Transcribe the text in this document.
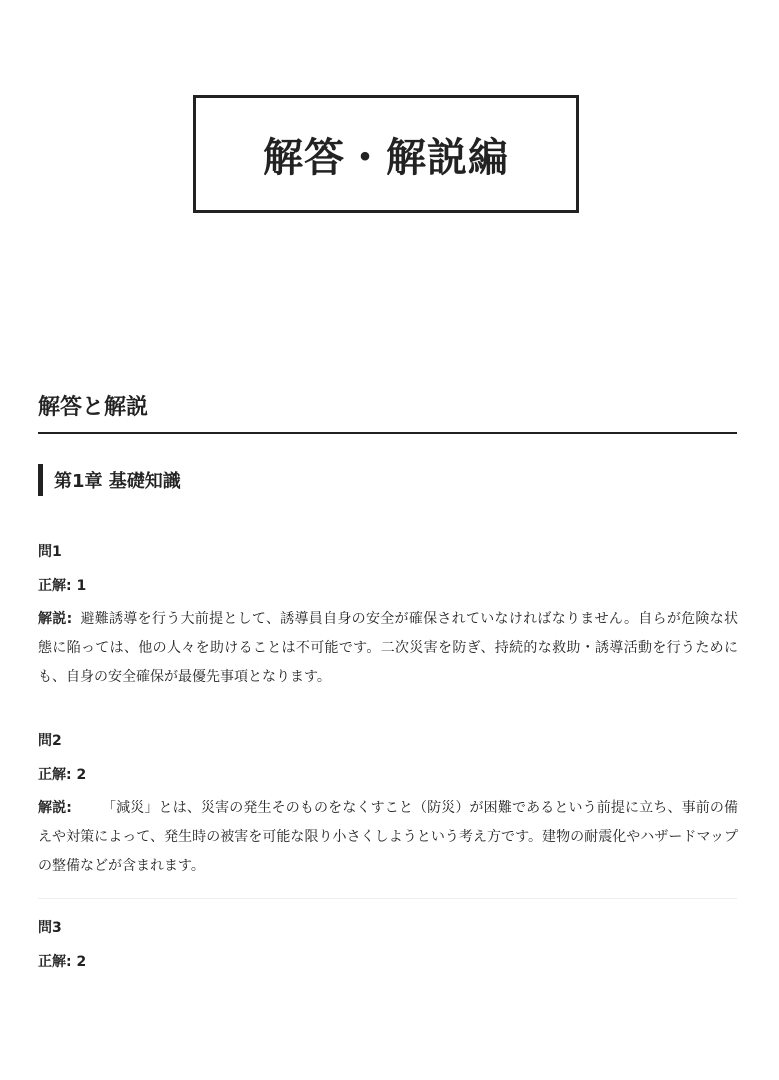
解答・解説編
解答と解説
第1章 基礎知識
問1
正解: 1
解説: 避難誘導を行う大前提として、誘導員自身の安全が確保されていなければなりません。自らが危険な状態に陥っては、他の人々を助けることは不可能です。二次災害を防ぎ、持続的な救助・誘導活動を行うためにも、自身の安全確保が最優先事項となります。
問2
正解: 2
解説: 「減災」とは、災害の発生そのものをなくすこと（防災）が困難であるという前提に立ち、事前の備えや対策によって、発生時の被害を可能な限り小さくしようという考え方です。建物の耐震化やハザードマップの整備などが含まれます。
問3
正解: 2
